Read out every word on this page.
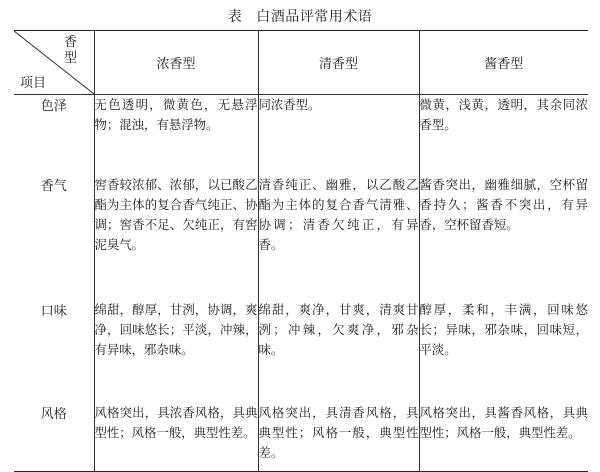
表 白酒品评常用术语
香型
项目	浓香型	清香型	酱香型
色泽	无色透明，微黄色，无悬浮物；混浊，有悬浮物。	同浓香型。	微黄，浅黄，透明，其余同浓香型。
香气	窖香较浓郁、浓郁，以已酸乙酯为主体的复合香气纯正、协调；窖香不足、欠纯正，有窖泥臭气。	清香纯正、幽雅，以乙酸乙酯为主体的复合香气清雅、协调；清香欠纯正，有异香。	酱香突出，幽雅细腻，空杯留香持久；酱香不突出，有异香，空杯留香短。
口味	绵甜，醇厚，甘洌，协调，爽净，回味悠长；平淡，冲辣，有异味，邪杂味。	绵甜，爽净，甘爽，清爽甘洌；冲辣，欠爽净，邪杂味。	醇厚，柔和，丰满，回味悠长；异味，邪杂味，回味短，平淡。
风格	风格突出，具浓香风格，具典型性；风格一般，典型性差。	风格突出，具清香风格，具典型性；风格一般，典型性差。	风格突出，具酱香风格，具典型性；风格一般，典型性差。
